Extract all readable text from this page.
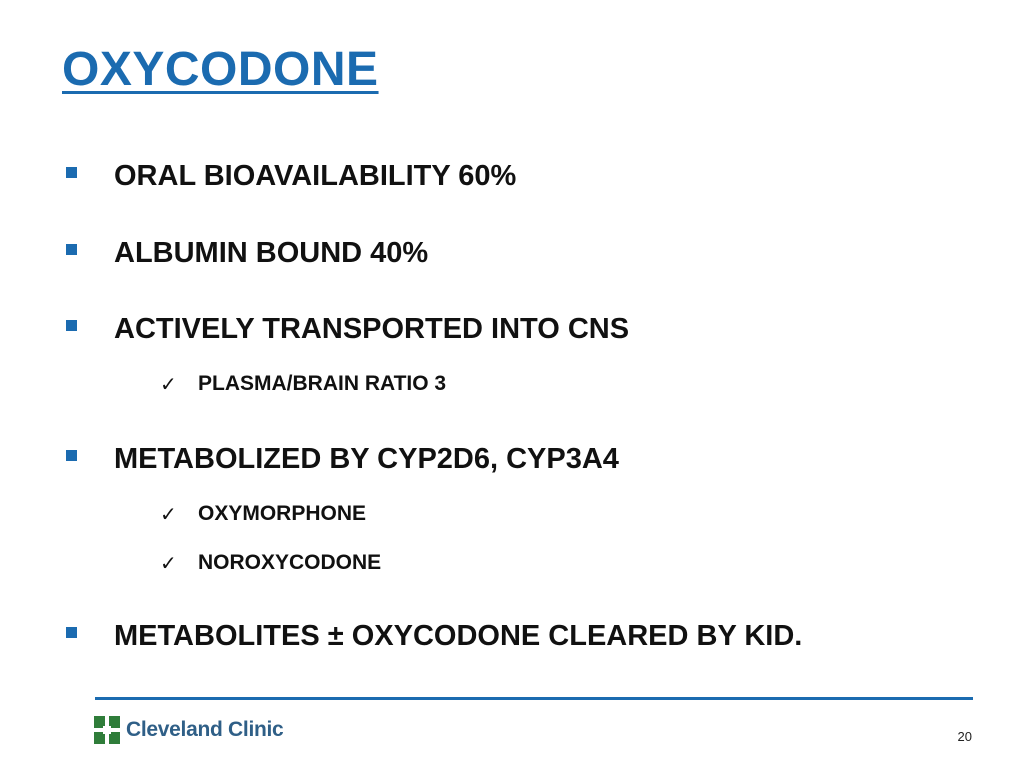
OXYCODONE
ORAL BIOAVAILABILITY 60%
ALBUMIN BOUND 40%
ACTIVELY TRANSPORTED INTO CNS
✓	PLASMA/BRAIN RATIO 3
METABOLIZED BY CYP2D6, CYP3A4
✓	OXYMORPHONE
✓	NOROXYCODONE
METABOLITES ± OXYCODONE CLEARED BY KID.
Cleveland Clinic	20
